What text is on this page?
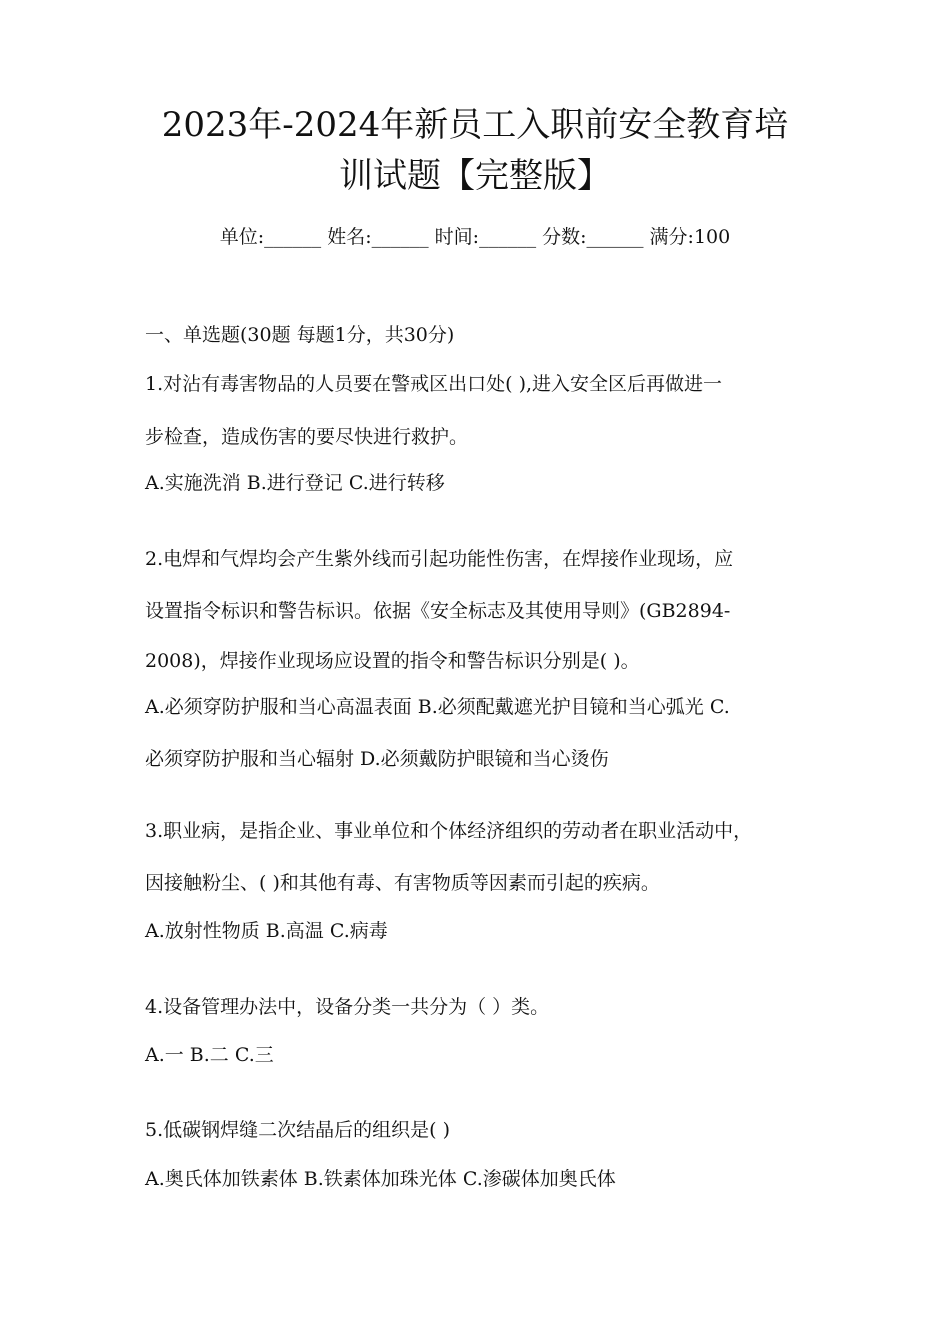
2023年-2024年新员工入职前安全教育培
训试题【完整版】
单位:______ 姓名:______ 时间:______ 分数:______ 满分:100
一、单选题(30题 每题1分，共30分)
1.对沾有毒害物品的人员要在警戒区出口处( ),进入安全区后再做进一
步检查，造成伤害的要尽快进行救护。
A.实施洗消 B.进行登记 C.进行转移
2.电焊和气焊均会产生紫外线而引起功能性伤害，在焊接作业现场，应
设置指令标识和警告标识。依据《安全标志及其使用导则》(GB2894-
2008)，焊接作业现场应设置的指令和警告标识分别是( )。
A.必须穿防护服和当心高温表面 B.必须配戴遮光护目镜和当心弧光 C.
必须穿防护服和当心辐射 D.必须戴防护眼镜和当心烫伤
3.职业病，是指企业、事业单位和个体经济组织的劳动者在职业活动中，
因接触粉尘、( )和其他有毒、有害物质等因素而引起的疾病。
A.放射性物质 B.高温 C.病毒
4.设备管理办法中，设备分类一共分为（ ）类。
A.一 B.二 C.三
5.低碳钢焊缝二次结晶后的组织是( )
A.奥氏体加铁素体 B.铁素体加珠光体 C.渗碳体加奥氏体
